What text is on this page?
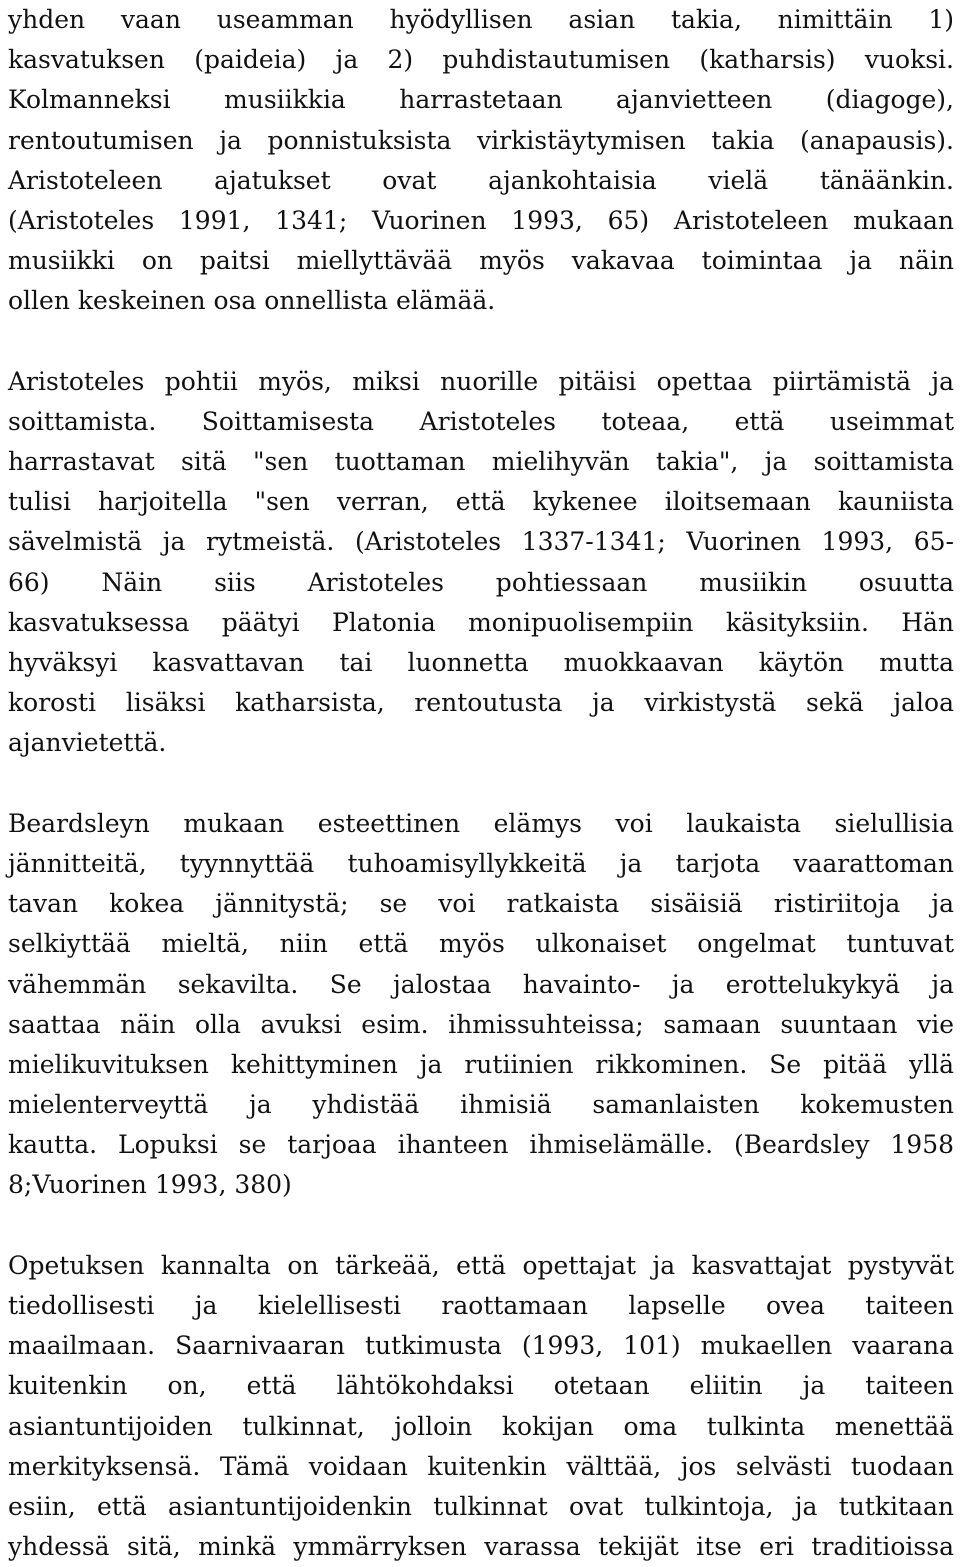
yhden vaan useamman hyödyllisen asian takia, nimittäin 1)
kasvatuksen (paideia) ja 2) puhdistautumisen (katharsis) vuoksi.
Kolmanneksi musiikkia harrastetaan ajanvietteen (diagoge),
rentoutumisen ja ponnistuksista virkistäytymisen takia (anapausis).
Aristoteleen ajatukset ovat ajankohtaisia vielä tänäänkin.
(Aristoteles 1991, 1341; Vuorinen 1993, 65) Aristoteleen mukaan
musiikki on paitsi miellyttävää myös vakavaa toimintaa ja näin
ollen keskeinen osa onnellista elämää.
Aristoteles pohtii myös, miksi nuorille pitäisi opettaa piirtämistä ja
soittamista. Soittamisesta Aristoteles toteaa, että useimmat
harrastavat sitä "sen tuottaman mielihyvän takia", ja soittamista
tulisi harjoitella "sen verran, että kykenee iloitsemaan kauniista
sävelmistä ja rytmeistä. (Aristoteles 1337-1341; Vuorinen 1993, 65-
66) Näin siis Aristoteles pohtiessaan musiikin osuutta
kasvatuksessa päätyi Platonia monipuolisempiin käsityksiin. Hän
hyväksyi kasvattavan tai luonnetta muokkaavan käytön mutta
korosti lisäksi katharsista, rentoutusta ja virkistystä sekä jaloa
ajanvietettä.
Beardsleyn mukaan esteettinen elämys voi laukaista sielullisia
jännitteitä, tyynnyttää tuhoamisyllykkeitä ja tarjota vaarattoman
tavan kokea jännitystä; se voi ratkaista sisäisiä ristiriitoja ja
selkiyttää mieltä, niin että myös ulkonaiset ongelmat tuntuvat
vähemmän sekavilta. Se jalostaa havainto- ja erottelukykyä ja
saattaa näin olla avuksi esim. ihmissuhteissa; samaan suuntaan vie
mielikuvituksen kehittyminen ja rutiinien rikkominen. Se pitää yllä
mielenterveyttä ja yhdistää ihmisiä samanlaisten kokemusten
kautta. Lopuksi se tarjoaa ihanteen ihmiselämälle. (Beardsley 1958
8;Vuorinen 1993, 380)
Opetuksen kannalta on tärkeää, että opettajat ja kasvattajat pystyvät
tiedollisesti ja kielellisesti raottamaan lapselle ovea taiteen
maailmaan. Saarnivaaran tutkimusta (1993, 101) mukaellen vaarana
kuitenkin on, että lähtökohdaksi otetaan eliitin ja taiteen
asiantuntijoiden tulkinnat, jolloin kokijan oma tulkinta menettää
merkityksensä. Tämä voidaan kuitenkin välttää, jos selvästi tuodaan
esiin, että asiantuntijoidenkin tulkinnat ovat tulkintoja, ja tutkitaan
yhdessä sitä, minkä ymmärryksen varassa tekijät itse eri traditioissa
